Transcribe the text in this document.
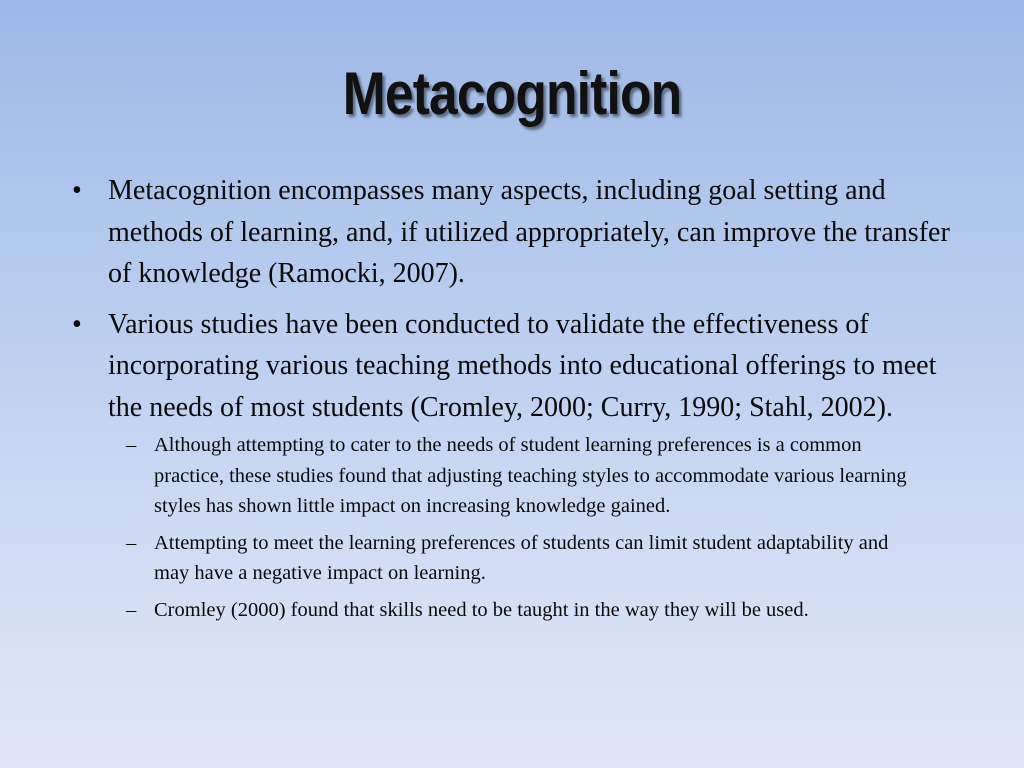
Metacognition
• Metacognition encompasses many aspects, including goal setting and methods of learning, and, if utilized appropriately, can improve the transfer of knowledge (Ramocki, 2007).
• Various studies have been conducted to validate the effectiveness of incorporating various teaching methods into educational offerings to meet the needs of most students (Cromley, 2000; Curry, 1990; Stahl, 2002).
– Although attempting to cater to the needs of student learning preferences is a common practice, these studies found that adjusting teaching styles to accommodate various learning styles has shown little impact on increasing knowledge gained.
– Attempting to meet the learning preferences of students can limit student adaptability and may have a negative impact on learning.
– Cromley (2000) found that skills need to be taught in the way they will be used.
